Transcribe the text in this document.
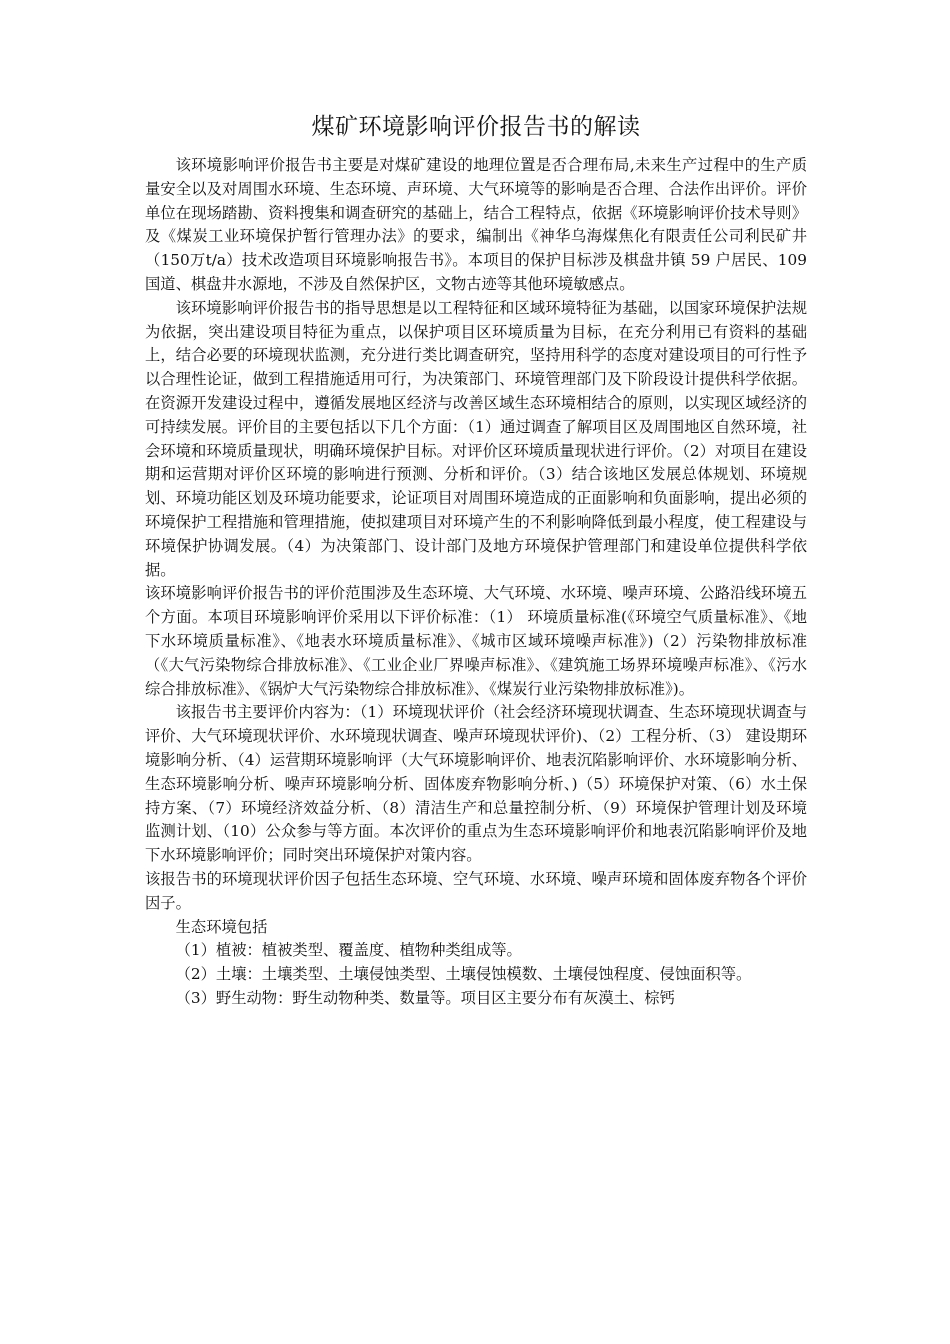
煤矿环境影响评价报告书的解读

该环境影响评价报告书主要是对煤矿建设的地理位置是否合理布局,未来生产过程中的生产质量安全以及对周围水环境、生态环境、声环境、大气环境等的影响是否合理、合法作出评价。评价单位在现场踏勘、资料搜集和调查研究的基础上，结合工程特点，依据《环境影响评价技术导则》及《煤炭工业环境保护暂行管理办法》的要求，编制出《神华乌海煤焦化有限责任公司利民矿井（150万t/a）技术改造项目环境影响报告书》。本项目的保护目标涉及棋盘井镇 59 户居民、109国道、棋盘井水源地，不涉及自然保护区，文物古迹等其他环境敏感点。

该环境影响评价报告书的指导思想是以工程特征和区域环境特征为基础，以国家环境保护法规为依据，突出建设项目特征为重点，以保护项目区环境质量为目标，在充分利用已有资料的基础上，结合必要的环境现状监测，充分进行类比调查研究，坚持用科学的态度对建设项目的可行性予以合理性论证，做到工程措施适用可行，为决策部门、环境管理部门及下阶段设计提供科学依据。在资源开发建设过程中，遵循发展地区经济与改善区域生态环境相结合的原则，以实现区域经济的可持续发展。评价目的主要包括以下几个方面：（1）通过调查了解项目区及周围地区自然环境，社会环境和环境质量现状，明确环境保护目标。对评价区环境质量现状进行评价。（2）对项目在建设期和运营期对评价区环境的影响进行预测、分析和评价。（3）结合该地区发展总体规划、环境规划、环境功能区划及环境功能要求，论证项目对周围环境造成的正面影响和负面影响，提出必须的环境保护工程措施和管理措施，使拟建项目对环境产生的不利影响降低到最小程度，使工程建设与环境保护协调发展。（4）为决策部门、设计部门及地方环境保护管理部门和建设单位提供科学依据。

该环境影响评价报告书的评价范围涉及生态环境、大气环境、水环境、噪声环境、公路沿线环境五个方面。本项目环境影响评价采用以下评价标准：（1） 环境质量标准(《环境空气质量标准》、《地下水环境质量标准》、《地表水环境质量标准》、《城市区域环境噪声标准》)（2）污染物排放标准（《大气污染物综合排放标准》、《工业企业厂界噪声标准》、《建筑施工场界环境噪声标准》、《污水综合排放标准》、《锅炉大气污染物综合排放标准》、《煤炭行业污染物排放标准》)。

该报告书主要评价内容为：（1）环境现状评价（社会经济环境现状调查、生态环境现状调查与评价、大气环境现状评价、水环境现状调查、噪声环境现状评价)、（2）工程分析、（3） 建设期环境影响分析、（4）运营期环境影响评（大气环境影响评价、地表沉陷影响评价、水环境影响分析、生态环境影响分析、噪声环境影响分析、固体废弃物影响分析、)（5）环境保护对策、（6）水土保持方案、（7）环境经济效益分析、（8）清洁生产和总量控制分析、（9）环境保护管理计划及环境监测计划、（10）公众参与等方面。本次评价的重点为生态环境影响评价和地表沉陷影响评价及地下水环境影响评价；同时突出环境保护对策内容。

该报告书的环境现状评价因子包括生态环境、空气环境、水环境、噪声环境和固体废弃物各个评价因子。

生态环境包括

（1）植被：植被类型、覆盖度、植物种类组成等。

（2）土壤：土壤类型、土壤侵蚀类型、土壤侵蚀模数、土壤侵蚀程度、侵蚀面积等。

（3）野生动物：野生动物种类、数量等。项目区主要分布有灰漠土、棕钙
